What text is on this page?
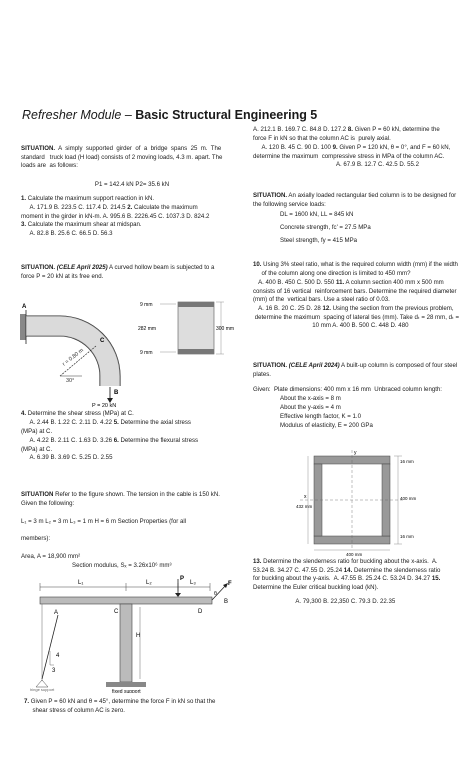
Refresher Module – Basic Structural Engineering 5
SITUATION.  A  simply  supported  girder  of  a  bridge  spans  25  m.  The
standard   truck load (H load) consists of 2 moving loads, 4.3 m. apart. The
loads are  as follows:
P1 = 142.4 kN P2= 35.6 kN
1. Calculate the maximum support reaction in kN.
A. 171.9 B. 223.5 C. 117.4 D. 214.5 2. Calculate the maximum
moment in the girder in kN-m. A. 995.6 B. 2226.45 C. 1037.3 D. 824.2
3. Calculate the maximum shear at midspan.
A. 82.8 B. 25.6 C. 66.5 D. 56.3
SITUATION. (CELE April 2025) A curved hollow beam is subjected to a
force P = 20 kN at its free end.
r = 0.80 m
30°
A
C
B
P = 20 kN
9 mm
282 mm
9 mm
300 mm
4. Determine the shear stress (MPa) at C.
A. 2.44 B. 1.22 C. 2.11 D. 4.22 5. Determine the axial stress
(MPa) at C.
A. 4.22 B. 2.11 C. 1.63 D. 3.26 6. Determine the flexural stress
(MPa) at C.
A. 6.39 B. 3.69 C. 5.25 D. 2.55
SITUATION Refer to the figure shown. The tension in the cable is 150 kN.
Given the following:
L₁ = 3 m L₂ = 3 m L₃ = 1 m H = 6 m Section Properties (for all
members):
Area, A = 18,900 mm²
Section modulus, Sₓ = 3.26x10⁶ mm³
L₁	L₂	L₃
fixed support
H
hinge support
4
3
A	C	D
P
F
θ
B
7. Given P = 60 kN and θ = 45°, determine the force F in kN so that the
shear stress of column AC is zero.
A. 212.1 B. 169.7 C. 84.8 D. 127.2 8. Given P = 60 kN, determine the
force F in kN so that the column AC is  purely axial.
A. 120 B. 45 C. 90 D. 100 9. Given P = 120 kN, θ = 0°, and F = 60 kN,
determine the maximum  compressive stress in MPa of the column AC.
A. 67.9 B. 12.7 C. 42.5 D. 55.2
SITUATION. An axially loaded rectangular tied column is to be designed for
the following service loads:
DL = 1600 kN, LL = 845 kN
Concrete strength, fc' = 27.5 MPa
Steel strength, fy = 415 MPa
10. Using 3% steel ratio, what is the required column width (mm) if the width
of the column along one direction is limited to 450 mm?
A. 400 B. 450 C. 500 D. 550 11. A column section 400 mm x 500 mm
consists of 16 vertical  reinforcement bars. Determine the required diameter
(mm) of the  vertical bars. Use a steel ratio of 0.03.
A. 16 B. 20 C. 25 D. 28 12. Using the section from the previous problem,
determine the maximum  spacing of lateral ties (mm). Take dₜ = 28 mm, dₜ =
10 mm A. 400 B. 500 C. 448 D. 480
SITUATION. (CELE April 2024) A built-up column is composed of four steel
plates.
Given:  Plate dimensions: 400 mm x 16 mm  Unbraced column length:
About the x-axis = 8 m
About the y-axis = 4 m
Effective length factor, K = 1.0
Modulus of elasticity, E = 200 GPa
x
y
16 mm
400 mm
16 mm
432 mm
400 mm
13. Determine the slenderness ratio for buckling about the x-axis.  A.
53.24 B. 34.27 C. 47.55 D. 25.24 14. Determine the slenderness ratio
for buckling about the y-axis.  A. 47.55 B. 25.24 C. 53.24 D. 34.27 15.
Determine the Euler critical buckling load (kN).
A. 79,300 B. 22,350 C. 79.3 D. 22.35
